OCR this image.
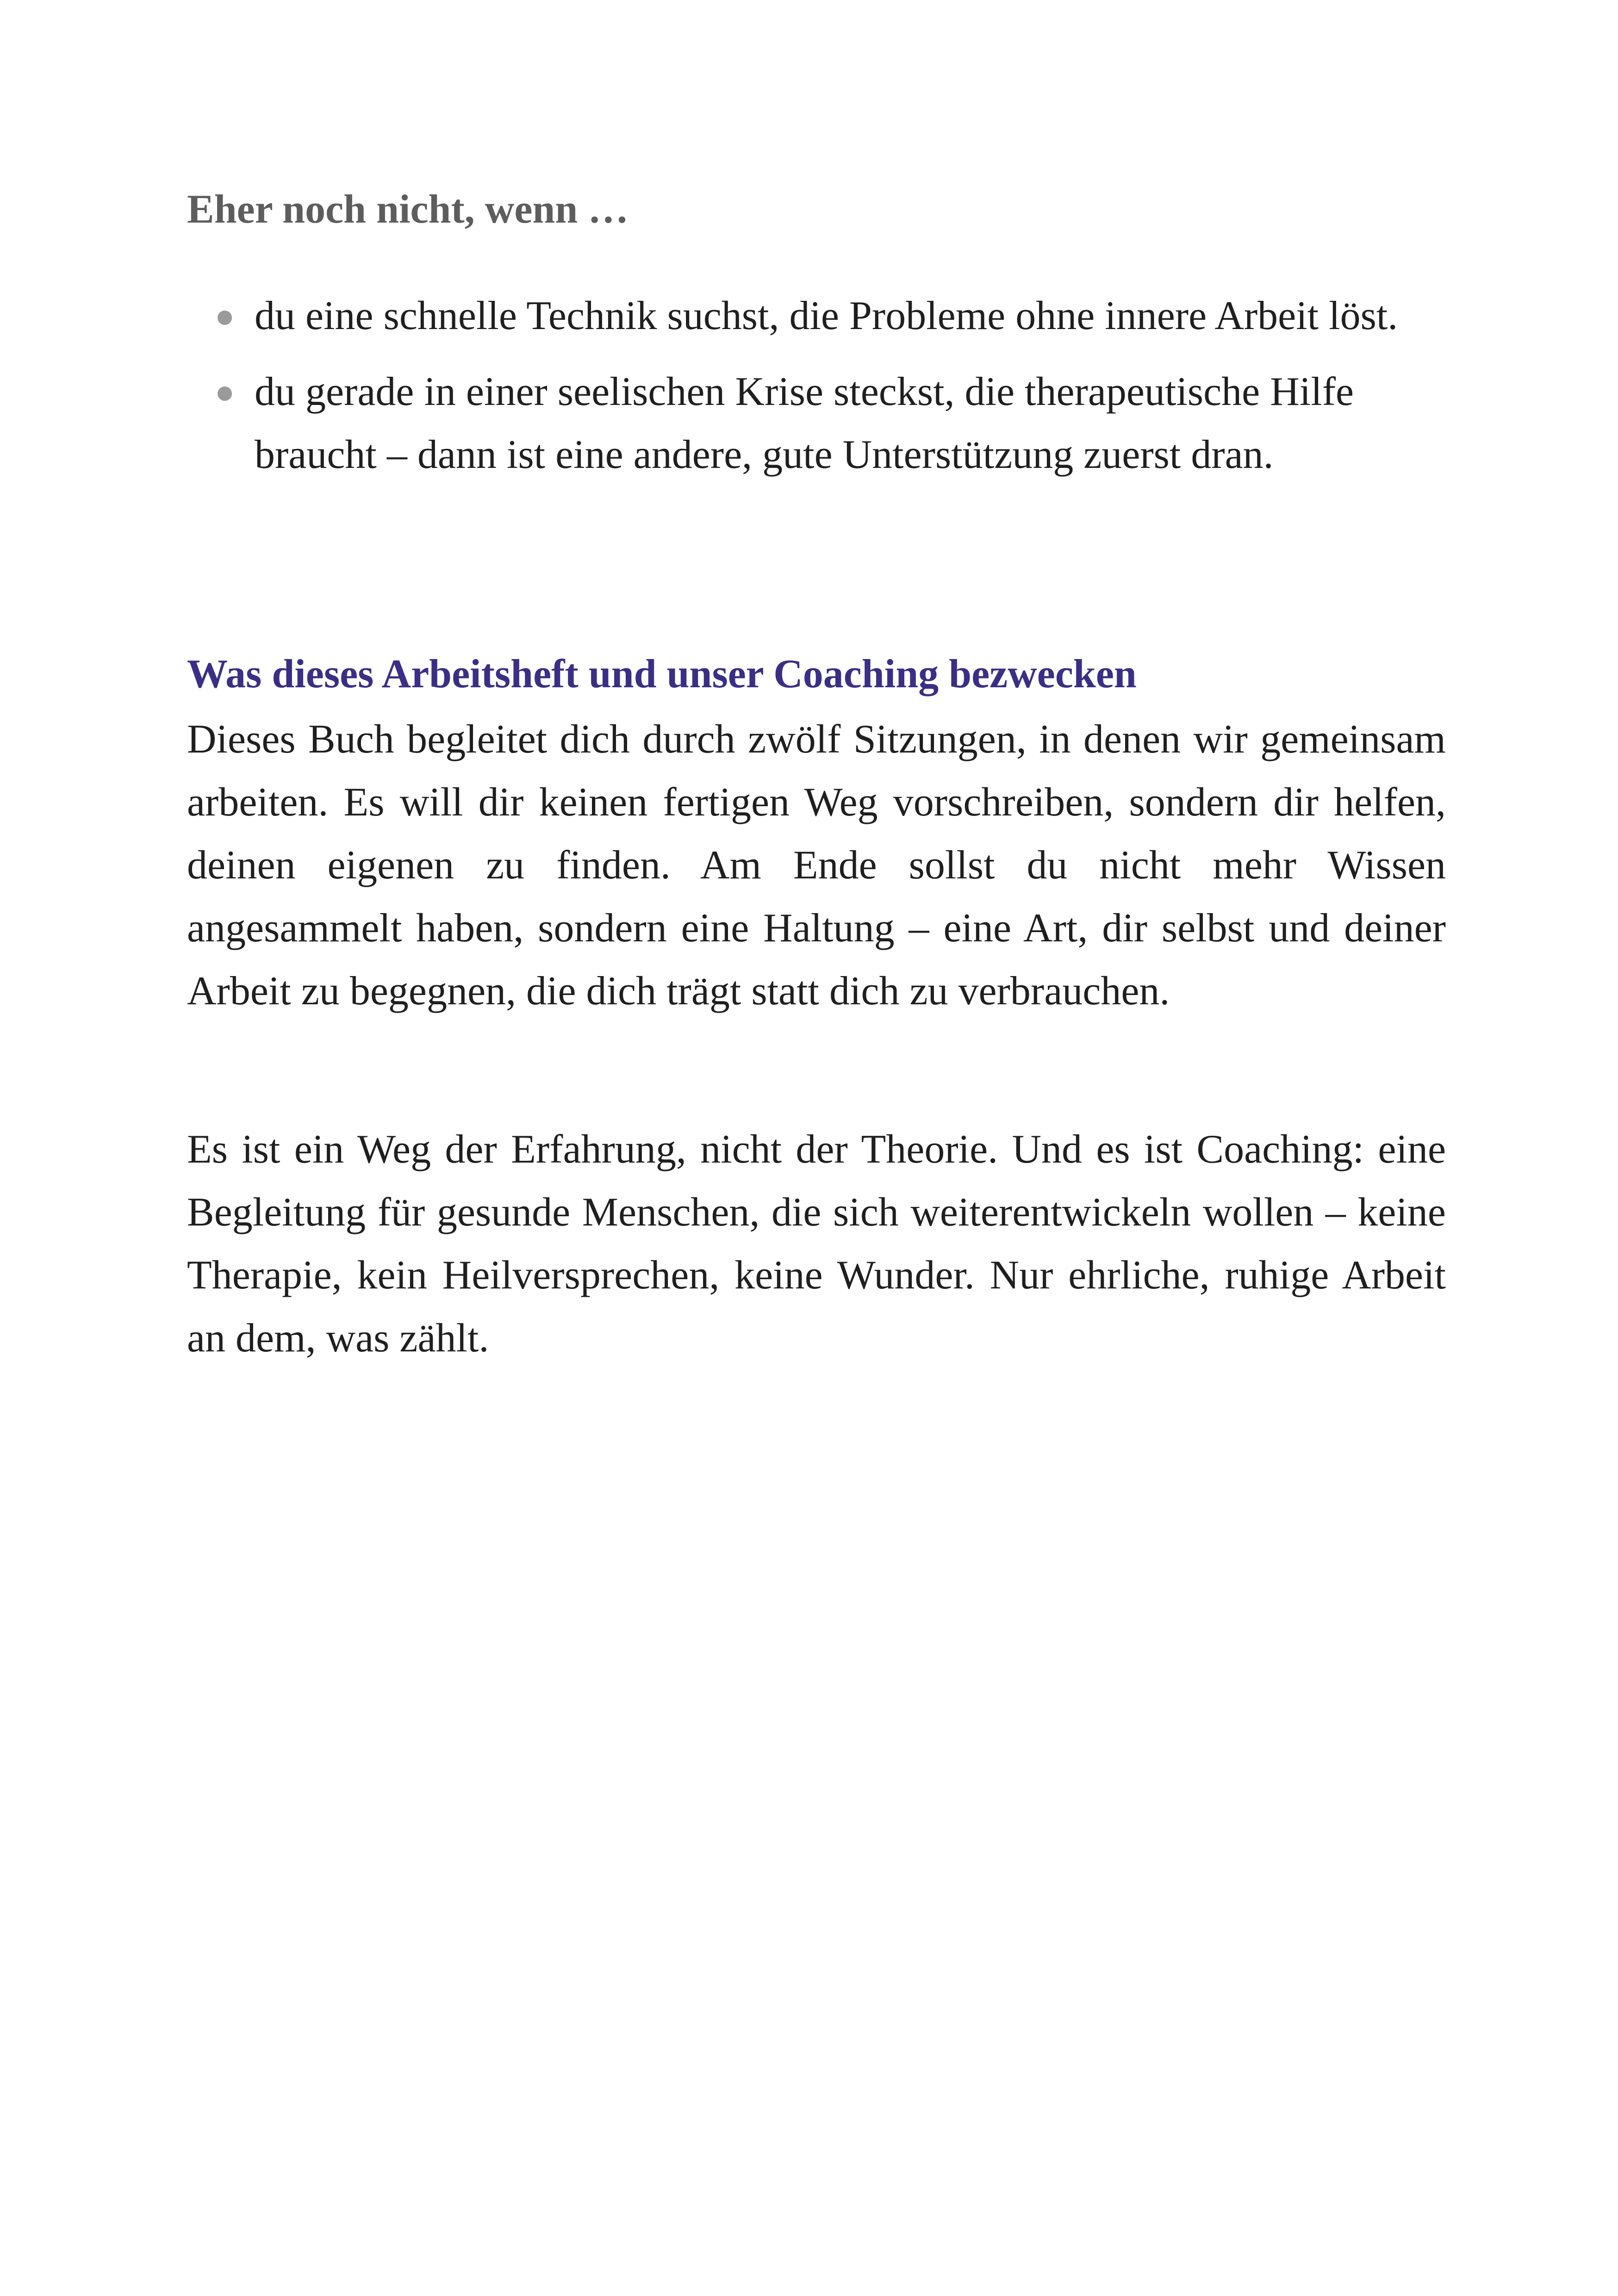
Eher noch nicht, wenn …
● du eine schnelle Technik suchst, die Probleme ohne innere Arbeit löst.
● du gerade in einer seelischen Krise steckst, die therapeutische Hilfe braucht – dann ist eine andere, gute Unterstützung zuerst dran.
Was dieses Arbeitsheft und unser Coaching bezwecken

Dieses Buch begleitet dich durch zwölf Sitzungen, in denen wir gemeinsam arbeiten. Es will dir keinen fertigen Weg vorschreiben, sondern dir helfen, deinen eigenen zu finden. Am Ende sollst du nicht mehr Wissen angesammelt haben, sondern eine Haltung – eine Art, dir selbst und deiner Arbeit zu begegnen, die dich trägt statt dich zu verbrauchen.

Es ist ein Weg der Erfahrung, nicht der Theorie. Und es ist Coaching: eine Begleitung für gesunde Menschen, die sich weiterentwickeln wollen – keine Therapie, kein Heilversprechen, keine Wunder. Nur ehrliche, ruhige Arbeit an dem, was zählt.
